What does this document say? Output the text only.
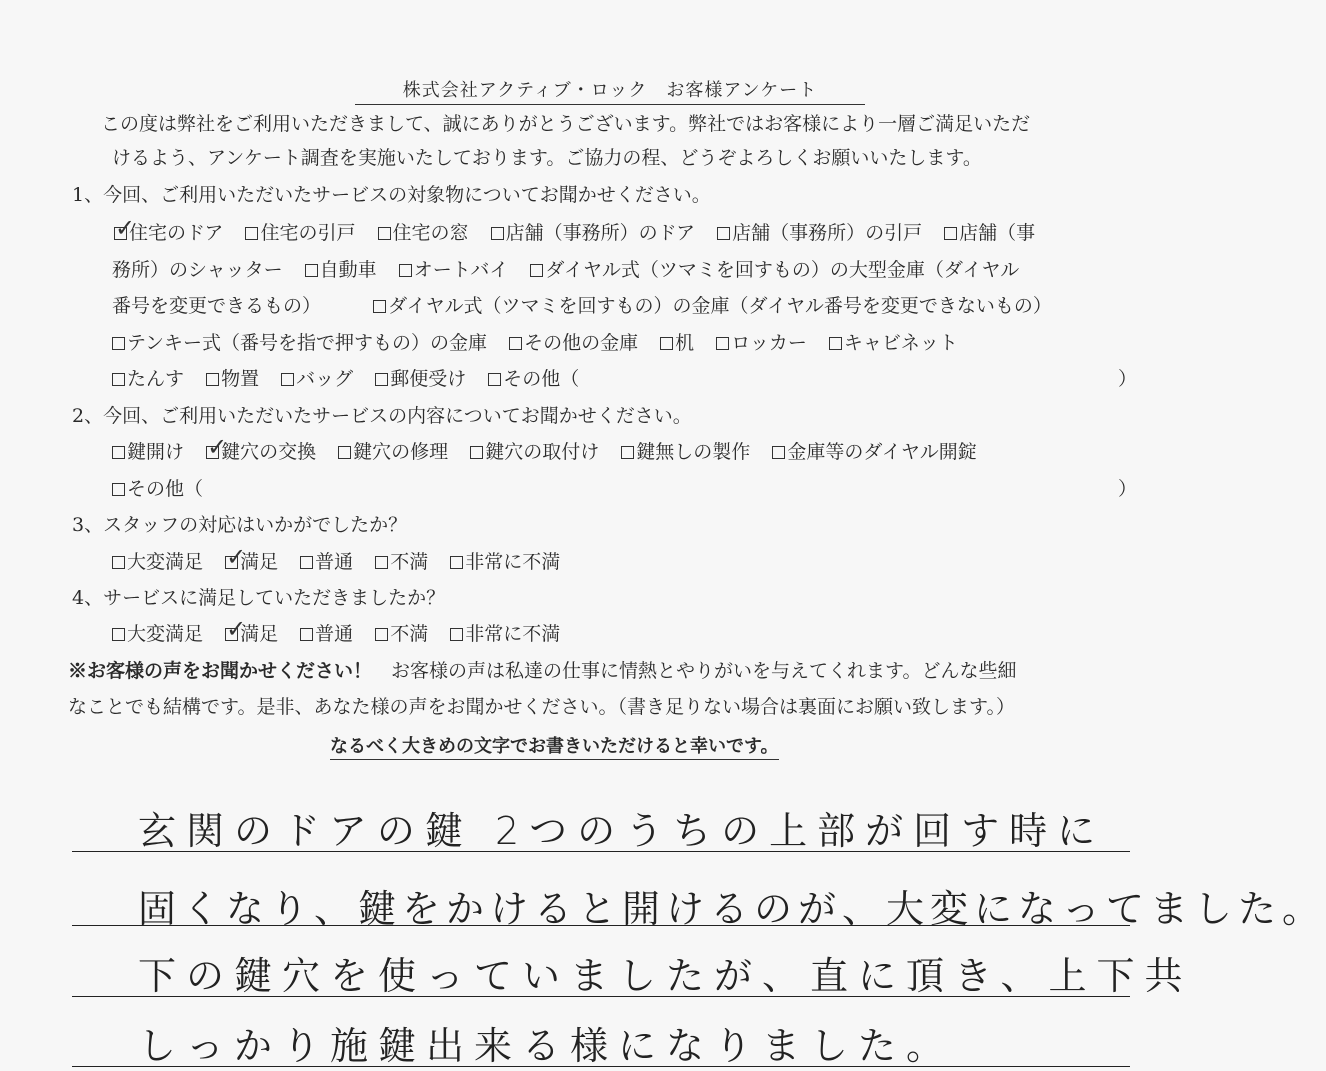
株式会社アクティブ・ロック　お客様アンケート
　この度は弊社をご利用いただきまして、誠にありがとうございます。弊社ではお客様により一層ご満足いただ
けるよう、アンケート調査を実施いたしております。ご協力の程、どうぞよろしくお願いいたします。
1、今回、ご利用いただいたサービスの対象物についてお聞かせください。
✓
住宅のドア 住宅の引戸 住宅の窓 店舗（事務所）のドア 店舗（事務所）の引戸 店舗（事
務所）のシャッター 自動車 オートバイ ダイヤル式（ツマミを回すもの）の大型金庫（ダイヤル
番号を変更できるもの）	ダイヤル式（ツマミを回すもの）の金庫（ダイヤル番号を変更できないもの）
テンキー式（番号を指で押すもの）の金庫 その他の金庫 机 ロッカー キャビネット
たんす 物置 バッグ 郵便受け その他（	）
2、今回、ご利用いただいたサービスの内容についてお聞かせください。
鍵開け ✓
鍵穴の交換 鍵穴の修理 鍵穴の取付け 鍵無しの製作 金庫等のダイヤル開錠
その他（	）
3、スタッフの対応はいかがでしたか？
大変満足 ✓
満足 普通 不満 非常に不満
4、サービスに満足していただきましたか？
大変満足 ✓
満足 普通 不満 非常に不満
※お客様の声をお聞かせください！　お客様の声は私達の仕事に情熱とやりがいを与えてくれます。どんな些細
なことでも結構です。是非、あなた様の声をお聞かせください。（書き足りない場合は裏面にお願い致します。）
なるべく大きめの文字でお書きいただけると幸いです。
玄関のドアの鍵 2つのうちの上部が回す時に
固くなり、鍵をかけると開けるのが、大変になってました。
下の鍵穴を使っていましたが、直に頂き、上下共
しっかり施鍵出来る様になりました。
